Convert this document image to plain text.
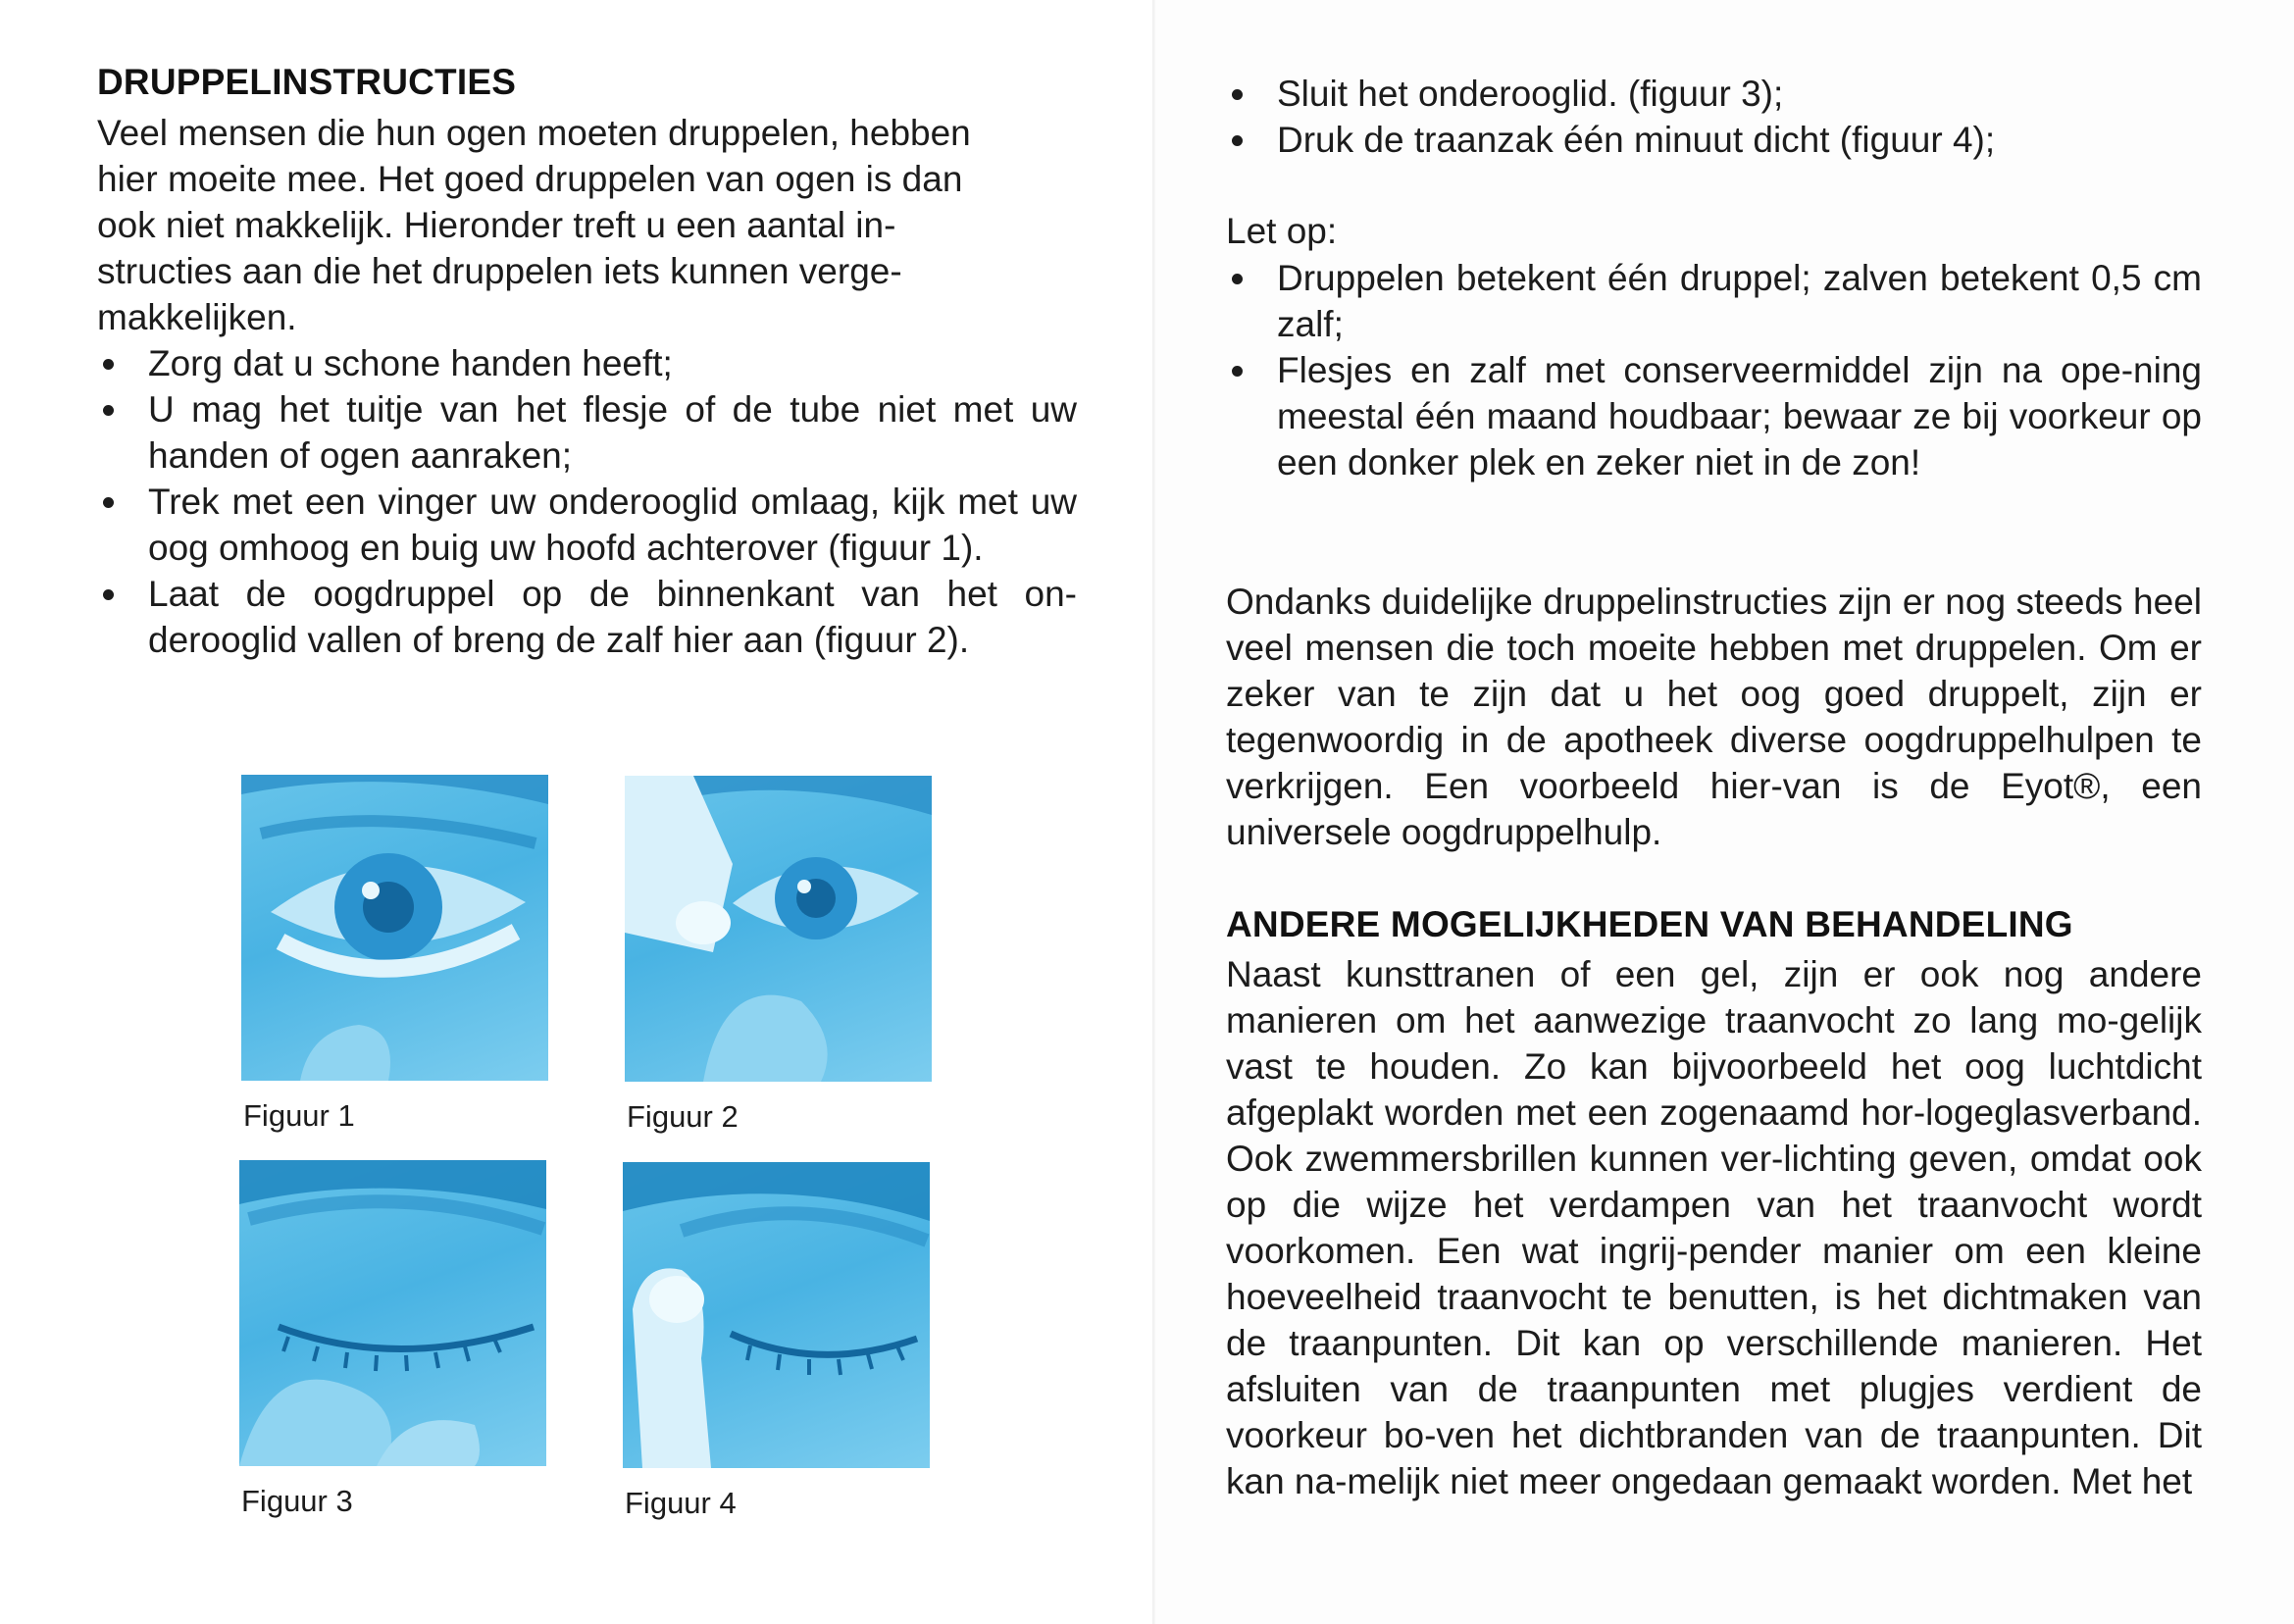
DRUPPELINSTRUCTIES
Veel mensen die hun ogen moeten druppelen, hebben
hier moeite mee. Het goed druppelen van ogen is dan
ook niet makkelijk. Hieronder treft u een aantal in-
structies aan die het druppelen iets kunnen verge-
makkelijken.
Zorg dat u schone handen heeft;
U mag het tuitje van het flesje of de tube niet met uw handen of ogen aanraken;
Trek met een vinger uw onderooglid omlaag, kijk met uw oog omhoog en buig uw hoofd achterover (figuur 1).
Laat de oogdruppel op de binnenkant van het on-derooglid vallen of breng de zalf hier aan (figuur 2).
Figuur 1	Figuur 2
Figuur 3	Figuur 4
Sluit het onderooglid. (figuur 3);
Druk de traanzak één minuut dicht (figuur 4);
Let op:
Druppelen betekent één druppel; zalven betekent 0,5 cm zalf;
Flesjes en zalf met conserveermiddel zijn na ope-ning meestal één maand houdbaar; bewaar ze bij voorkeur op een donker plek en zeker niet in de zon!

Ondanks duidelijke druppelinstructies zijn er nog steeds heel veel mensen die toch moeite hebben met druppelen. Om er zeker van te zijn dat u het oog goed druppelt, zijn er tegenwoordig in de apotheek diverse oogdruppelhulpen te verkrijgen. Een voorbeeld hier-van is de Eyot®, een universele oogdruppelhulp.

ANDERE MOGELIJKHEDEN VAN BEHANDELING

Naast kunsttranen of een gel, zijn er ook nog andere manieren om het aanwezige traanvocht zo lang mo-gelijk vast te houden. Zo kan bijvoorbeeld het oog luchtdicht afgeplakt worden met een zogenaamd hor-logeglasverband. Ook zwemmersbrillen kunnen ver-lichting geven, omdat ook op die wijze het verdampen van het traanvocht wordt voorkomen. Een wat ingrij-pender manier om een kleine hoeveelheid traanvocht te benutten, is het dichtmaken van de traanpunten. Dit kan op verschillende manieren. Het afsluiten van de traanpunten met plugjes verdient de voorkeur bo-ven het dichtbranden van de traanpunten. Dit kan na-melijk niet meer ongedaan gemaakt worden. Met het
